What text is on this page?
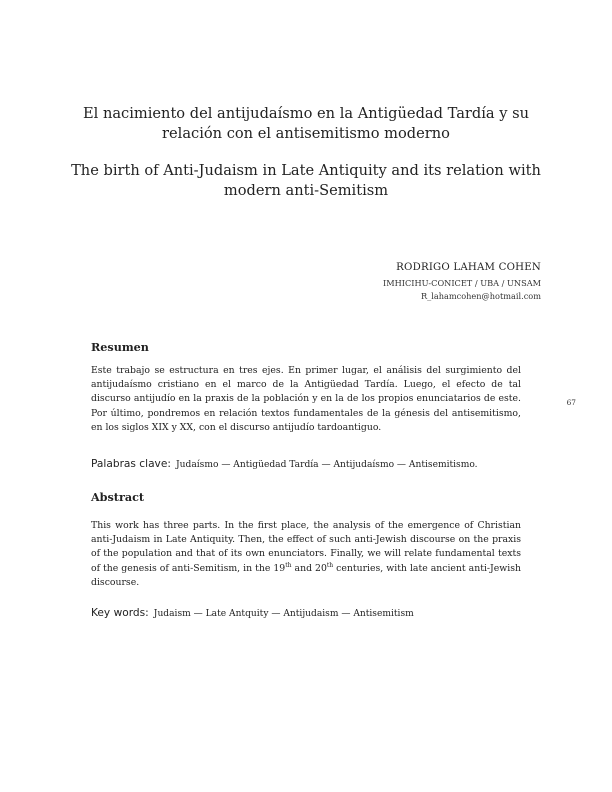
El nacimiento del antijudaísmo en la Antigüedad Tardía y su
relación con el antisemitismo moderno
The birth of Anti-Judaism in Late Antiquity and its relation with
modern anti-Semitism
RODRIGO LAHAM COHEN
IMHICIHU-CONICET / UBA / UNSAM
R_lahamcohen@hotmail.com
Resumen
Este trabajo se estructura en tres ejes. En primer lugar, el análisis del surgimiento del antijudaísmo cristiano en el marco de la Antigüedad Tardía. Luego, el efecto de tal discurso antijudío en la praxis de la población y en la de los propios enunciatarios de este. Por último, pondremos en relación textos fundamentales de la génesis del antisemitismo, en los siglos XIX y XX, con el discurso antijudío tardoantiguo.
Palabras clave: Judaísmo — Antigüedad Tardía — Antijudaísmo — Antisemitismo.
Abstract
This work has three parts. In the first place, the analysis of the emergence of Christian anti-Judaism in Late Antiquity. Then, the effect of such anti-Jewish discourse on the praxis of the population and that of its own enunciators. Finally, we will relate fundamental texts of the genesis of anti-Semitism, in the 19th and 20th centuries, with late ancient anti-Jewish discourse.
Key words: Judaism — Late Antquity — Antijudaism — Antisemitism
67
